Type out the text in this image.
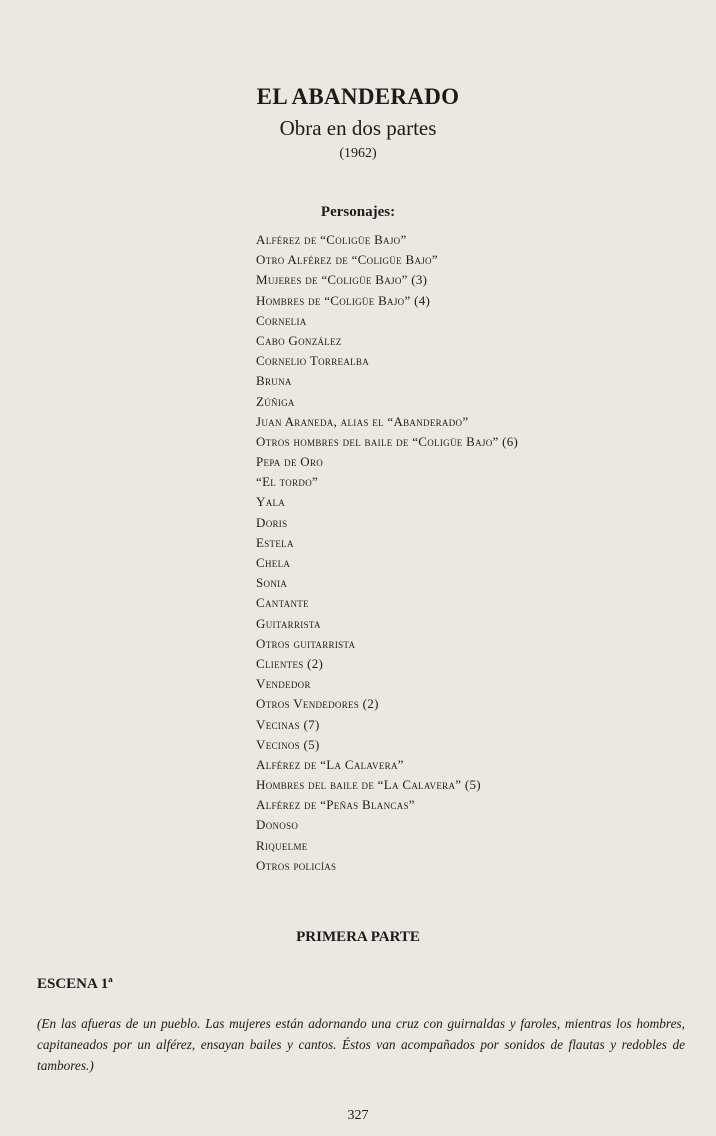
EL ABANDERADO
Obra en dos partes
(1962)
Personajes:
Alférez de “Coligüe Bajo”
Otro Alférez de “Coligüe Bajo”
Mujeres de “Coligüe Bajo” (3)
Hombres de “Coligüe Bajo” (4)
Cornelia
Cabo González
Cornelio Torrealba
Bruna
Zúñiga
Juan Araneda, alias el “Abanderado”
Otros hombres del baile de “Coligüe Bajo” (6)
Pepa de Oro
“El tordo”
Yala
Doris
Estela
Chela
Sonia
Cantante
Guitarrista
Otros guitarrista
Clientes (2)
Vendedor
Otros Vendedores (2)
Vecinas (7)
Vecinos (5)
Alférez de “La Calavera”
Hombres del baile de “La Calavera” (5)
Alférez de “Peñas Blancas”
Donoso
Riquelme
Otros policías
PRIMERA PARTE
ESCENA 1ª

(En las afueras de un pueblo. Las mujeres están adornando una cruz con guirnaldas y faroles, mientras los hombres, capitaneados por un alférez, ensayan bailes y cantos. Éstos van acompañados por sonidos de flautas y redobles de tambores.)

327
